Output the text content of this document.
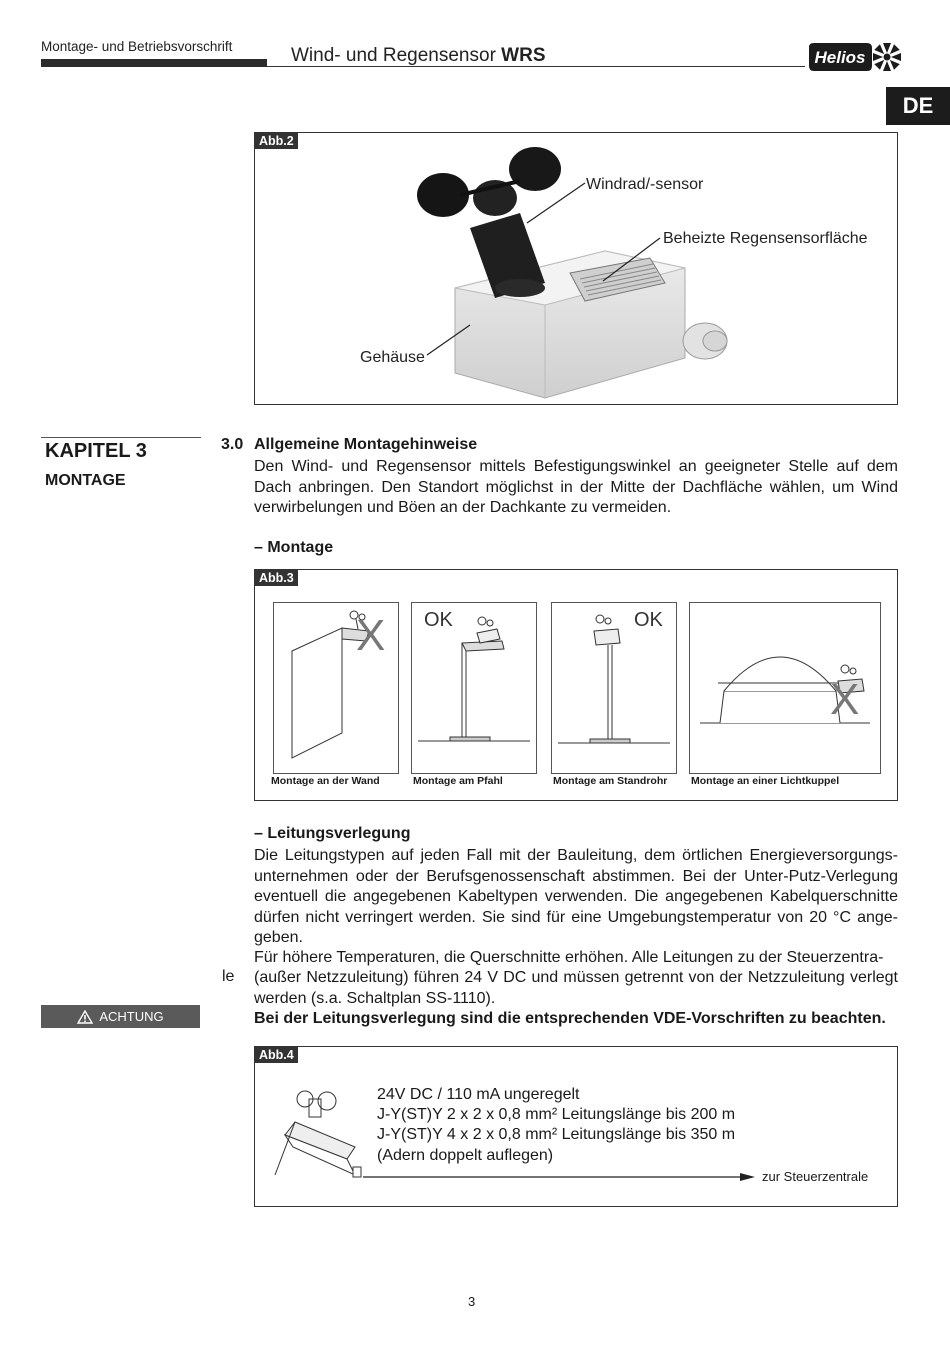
Montage- und Betriebsvorschrift	Wind- und Regensensor WRS	Helios
DE
Abb.2
Windrad/-sensor
Beheizte Regensensorfläche
Gehäuse
KAPITEL 3
MONTAGE
3.0 Allgemeine Montagehinweise
Den Wind- und Regensensor mittels Befestigungswinkel an geeigneter Stelle auf dem Dach anbringen. Den Standort möglichst in der Mitte der Dachfläche wählen, um Wind verwirbelungen und Böen an der Dachkante zu vermeiden.
– Montage
Abb.3
X
Montage an der Wand
OK
Montage am Pfahl
OK
Montage am Standrohr
X
Montage an einer Lichtkuppel
– Leitungsverlegung
Die Leitungstypen auf jeden Fall mit der Bauleitung, dem örtlichen Energieversorgungs-unternehmen oder der Berufsgenossenschaft abstimmen. Bei der Unter-Putz-Verlegung eventuell die angegebenen Kabeltypen verwenden. Die angegebenen Kabelquerschnitte dürfen nicht verringert werden. Sie sind für eine Umgebungstemperatur von 20 °C ange-geben.
Für höhere Temperaturen, die Querschnitte erhöhen. Alle Leitungen zu der Steuerzentra-
le (außer Netzzuleitung) führen 24 V DC und müssen getrennt von der Netzzuleitung verlegt werden (s.a. Schaltplan SS-1110).
ACHTUNG	Bei der Leitungsverlegung sind die entsprechenden VDE-Vorschriften zu beachten.
Abb.4
24V DC / 110 mA ungeregelt
J-Y(ST)Y 2 x 2 x 0,8 mm² Leitungslänge bis 200 m
J-Y(ST)Y 4 x 2 x 0,8 mm² Leitungslänge bis 350 m
(Adern doppelt auflegen)
zur Steuerzentrale
3
